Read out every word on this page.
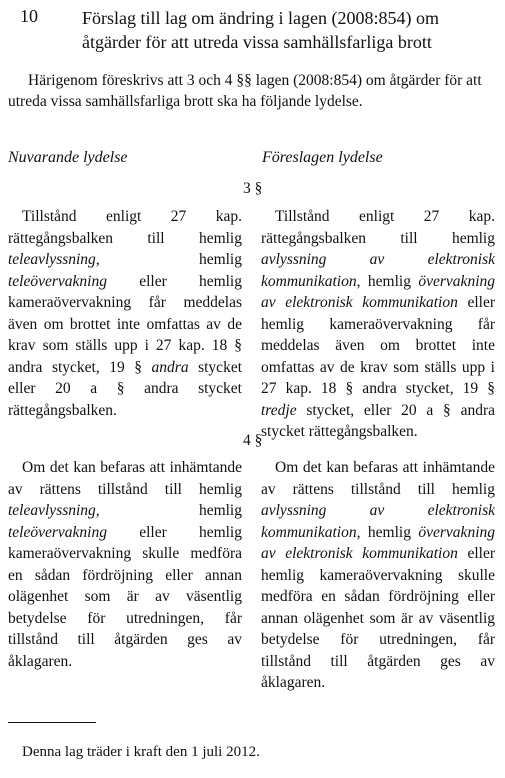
10 Förslag till lag om ändring i lagen (2008:854) om åtgärder för att utreda vissa samhällsfarliga brott
Härigenom föreskrivs att 3 och 4 §§ lagen (2008:854) om åtgärder för att utreda vissa samhällsfarliga brott ska ha följande lydelse.
Nuvarande lydelse	Föreslagen lydelse
3 §
Tillstånd enligt 27 kap. rättegångsbalken till hemlig teleavlyssning, hemlig teleövervakning eller hemlig kameraövervakning får meddelas även om brottet inte omfattas av de krav som ställs upp i 27 kap. 18 § andra stycket, 19 § andra stycket eller 20 a § andra stycket rättegångsbalken.
Tillstånd enligt 27 kap. rättegångsbalken till hemlig avlyssning av elektronisk kommunikation, hemlig övervakning av elektronisk kommunikation eller hemlig kameraövervakning får meddelas även om brottet inte omfattas av de krav som ställs upp i 27 kap. 18 § andra stycket, 19 § tredje stycket, eller 20 a § andra stycket rättegångsbalken.
4 §
Om det kan befaras att inhämtande av rättens tillstånd till hemlig teleavlyssning, hemlig teleövervakning eller hemlig kameraövervakning skulle medföra en sådan fördröjning eller annan olägenhet som är av väsentlig betydelse för utredningen, får tillstånd till åtgärden ges av åklagaren.
Om det kan befaras att inhämtande av rättens tillstånd till hemlig avlyssning av elektronisk kommunikation, hemlig övervakning av elektronisk kommunikation eller hemlig kameraövervakning skulle medföra en sådan fördröjning eller annan olägenhet som är av väsentlig betydelse för utredningen, får tillstånd till åtgärden ges av åklagaren.
Denna lag träder i kraft den 1 juli 2012.
